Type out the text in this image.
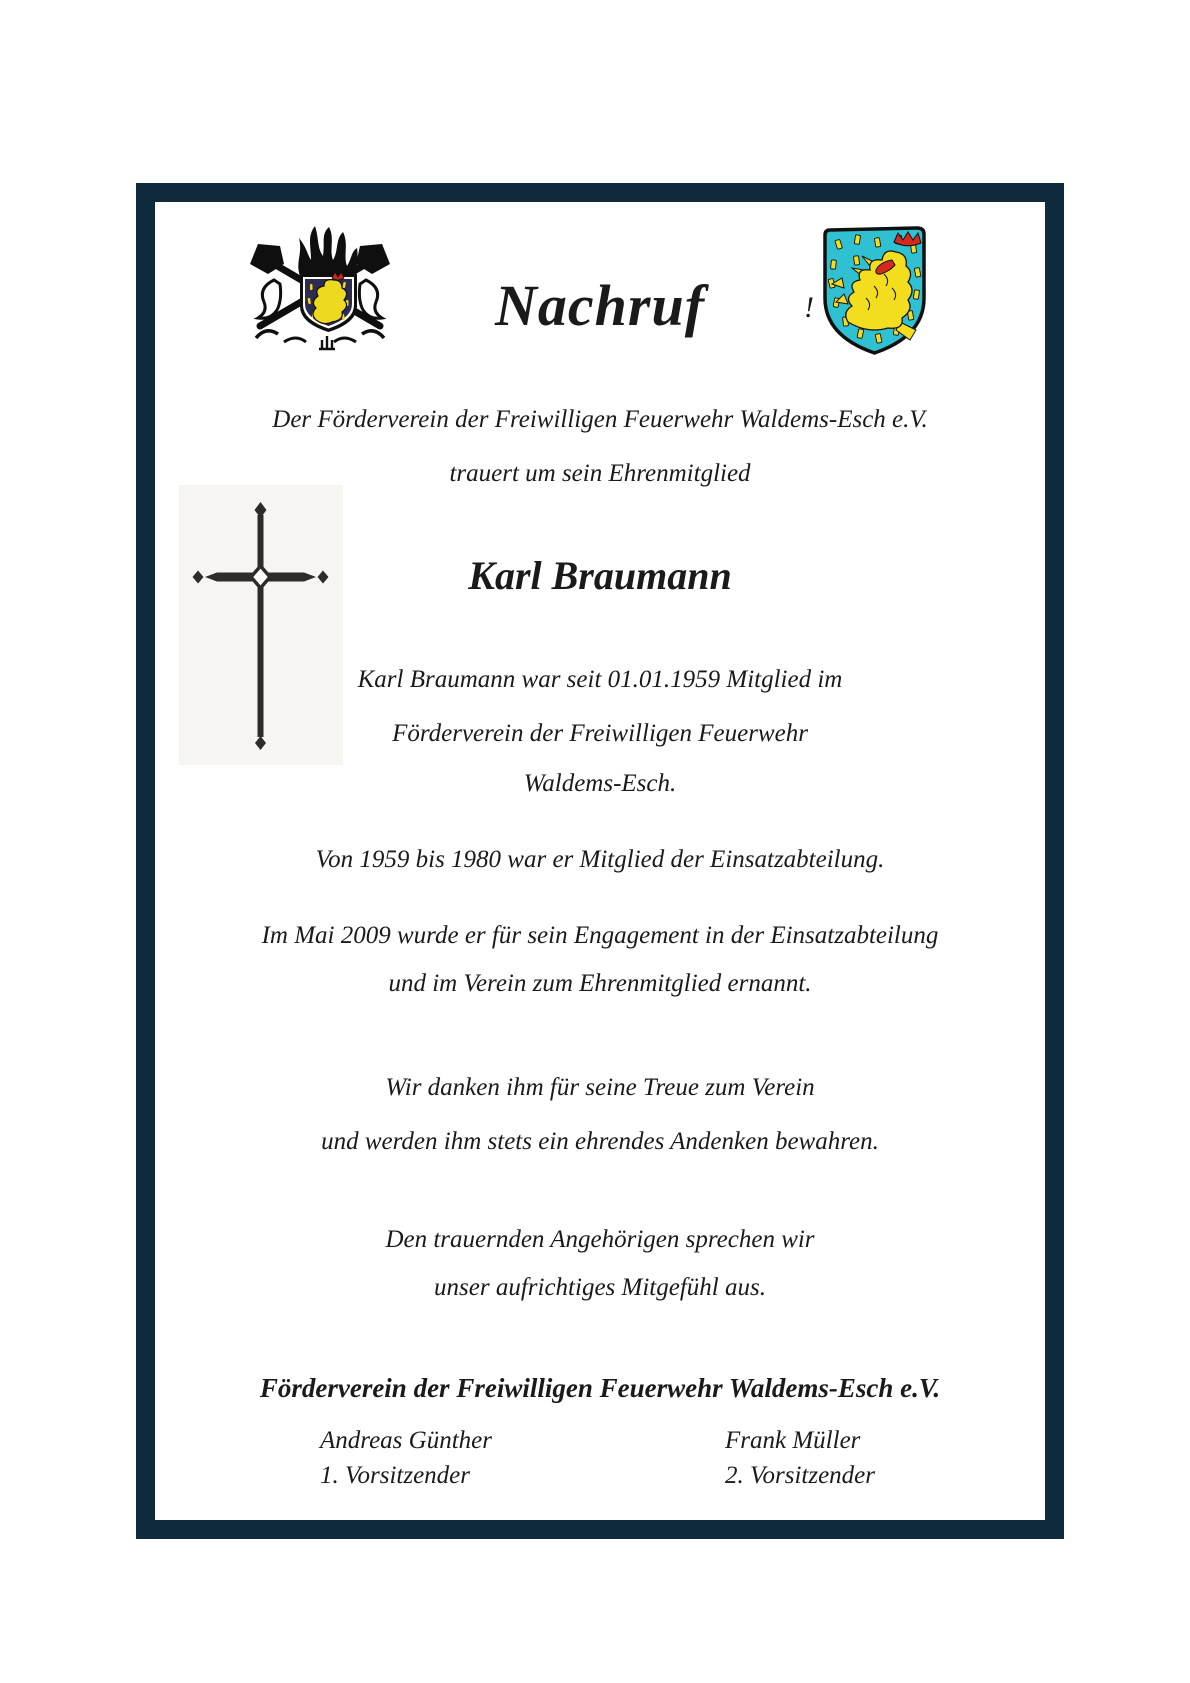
Nachruf	!
Der Förderverein der Freiwilligen Feuerwehr Waldems-Esch e.V.
trauert um sein Ehrenmitglied
Karl Braumann
Karl Braumann war seit 01.01.1959 Mitglied im
Förderverein der Freiwilligen Feuerwehr
Waldems-Esch.
Von 1959 bis 1980 war er Mitglied der Einsatzabteilung.
Im Mai 2009 wurde er für sein Engagement in der Einsatzabteilung
und im Verein zum Ehrenmitglied ernannt.
Wir danken ihm für seine Treue zum Verein
und werden ihm stets ein ehrendes Andenken bewahren.
Den trauernden Angehörigen sprechen wir
unser aufrichtiges Mitgefühl aus.
Förderverein der Freiwilligen Feuerwehr Waldems-Esch e.V.
Andreas Günther	Frank Müller
1. Vorsitzender	2. Vorsitzender
